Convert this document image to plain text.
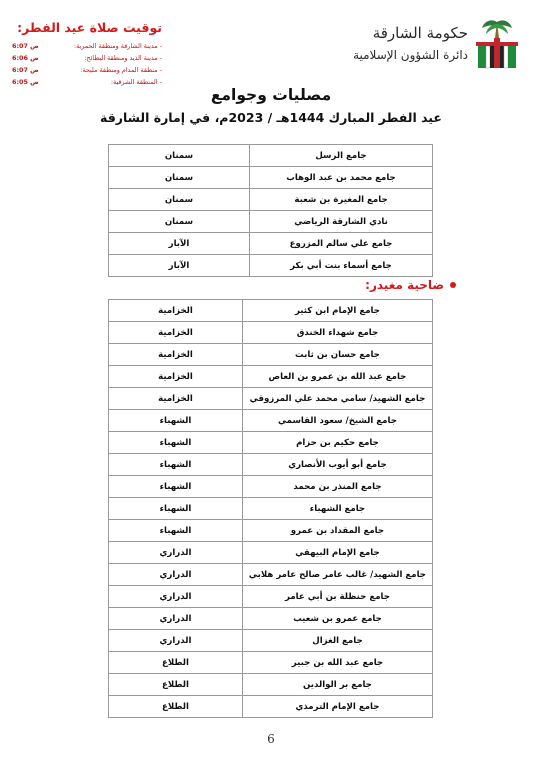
حكومة الشارقة
دائرة الشؤون الإسلامية
توقيت صلاة عيد الفطر:
- مدينة الشارقة ومنطقة الحمرية:
6:07 ص
- مدينة الذيد ومنطقة البطائح:
6:06 ص
- منطقة المدام ومنطقة مليحة:
6:07 ص
- المنطقة الشرقية:
6:05 ص
مصليات وجوامع
عيد الفطر المبارك 1444هـ / 2023م، في إمارة الشارقة
جامع الرسل	سمنان
جامع محمد بن عبد الوهاب	سمنان
جامع المغيرة بن شعبة	سمنان
نادي الشارقة الرياضي	سمنان
جامع علي سالم المزروع	الآبار
جامع أسماء بنت أبي بكر	الآبار
ضاحية مغيدر:
جامع الإمام ابن كثير	الخزامية
جامع شهداء الخندق	الخزامية
جامع حسان بن ثابت	الخزامية
جامع عبد الله بن عمرو بن العاص	الخزامية
جامع الشهيد/ سامي محمد علي المرزوقي	الخزامية
جامع الشيخ/ سعود القاسمي	الشهباء
جامع حكيم بن حزام	الشهباء
جامع أبو أيوب الأنصاري	الشهباء
جامع المنذر بن محمد	الشهباء
جامع الشهباء	الشهباء
جامع المقداد بن عمرو	الشهباء
جامع الإمام البيهقي	الدراري
جامع الشهيد/ غالب عامر صالح عامر هلابي	الدراري
جامع حنظلة بن أبي عامر	الدراري
جامع عمرو بن شعيب	الدراري
جامع الغزال	الدراري
جامع عبد الله بن جبير	الطلاع
جامع بر الوالدين	الطلاع
جامع الإمام الترمذي	الطلاع
6
